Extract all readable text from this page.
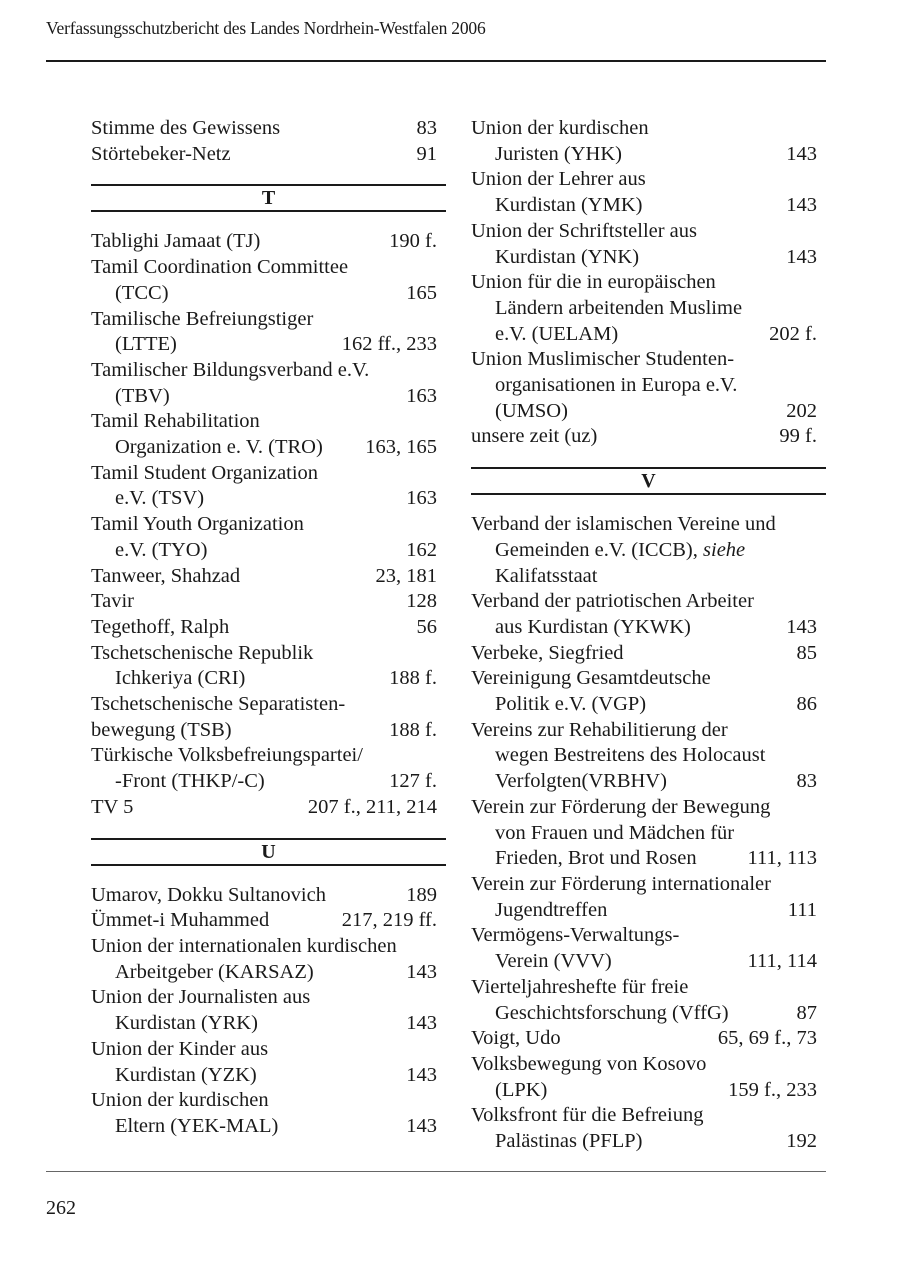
Verfassungsschutzbericht des Landes Nordrhein-Westfalen 2006
Stimme des Gewissens	83
Störtebeker-Netz	91
T
Tablighi Jamaat (TJ)	190 f.
Tamil Coordination Committee
(TCC)	165
Tamilische Befreiungstiger
(LTTE)	162 ff., 233
Tamilischer Bildungsverband e.V.
(TBV)	163
Tamil Rehabilitation
Organization e. V. (TRO) 163, 165
Tamil Student Organization
e.V. (TSV)	163
Tamil Youth Organization
e.V. (TYO)	162
Tanweer, Shahzad	23, 181
Tavir	128
Tegethoff, Ralph	56
Tschetschenische Republik
Ichkeriya (CRI)	188 f.
Tschetschenische Separatisten-
bewegung (TSB)	188 f.
Türkische Volksbefreiungspartei/
-Front (THKP/-C)	127 f.
TV 5	207 f., 211, 214
U
Umarov, Dokku Sultanovich	189
Ümmet-i Muhammed	217, 219 ff.
Union der internationalen kurdischen
Arbeitgeber (KARSAZ)	143
Union der Journalisten aus
Kurdistan (YRK)	143
Union der Kinder aus
Kurdistan (YZK)	143
Union der kurdischen
Eltern (YEK-MAL)	143
Union der kurdischen
Juristen (YHK)	143
Union der Lehrer aus
Kurdistan (YMK)	143
Union der Schriftsteller aus
Kurdistan (YNK)	143
Union für die in europäischen
Ländern arbeitenden Muslime
e.V. (UELAM)	202 f.
Union Muslimischer Studenten-
organisationen in Europa e.V.
(UMSO)	202
unsere zeit (uz)	99 f.
V
Verband der islamischen Vereine und
Gemeinden e.V. (ICCB), siehe
Kalifatsstaat
Verband der patriotischen Arbeiter
aus Kurdistan (YKWK)	143
Verbeke, Siegfried	85
Vereinigung Gesamtdeutsche
Politik e.V. (VGP)	86
Vereins zur Rehabilitierung der
wegen Bestreitens des Holocaust
Verfolgten(VRBHV)	83
Verein zur Förderung der Bewegung
von Frauen und Mädchen für
Frieden, Brot und Rosen 111, 113
Verein zur Förderung internationaler
Jugendtreffen	111
Vermögens-Verwaltungs-
Verein (VVV)	111, 114
Vierteljahreshefte für freie
Geschichtsforschung (VffG)	87
Voigt, Udo	65, 69 f., 73
Volksbewegung von Kosovo
(LPK)	159 f., 233
Volksfront für die Befreiung
Palästinas (PFLP)	192
262
